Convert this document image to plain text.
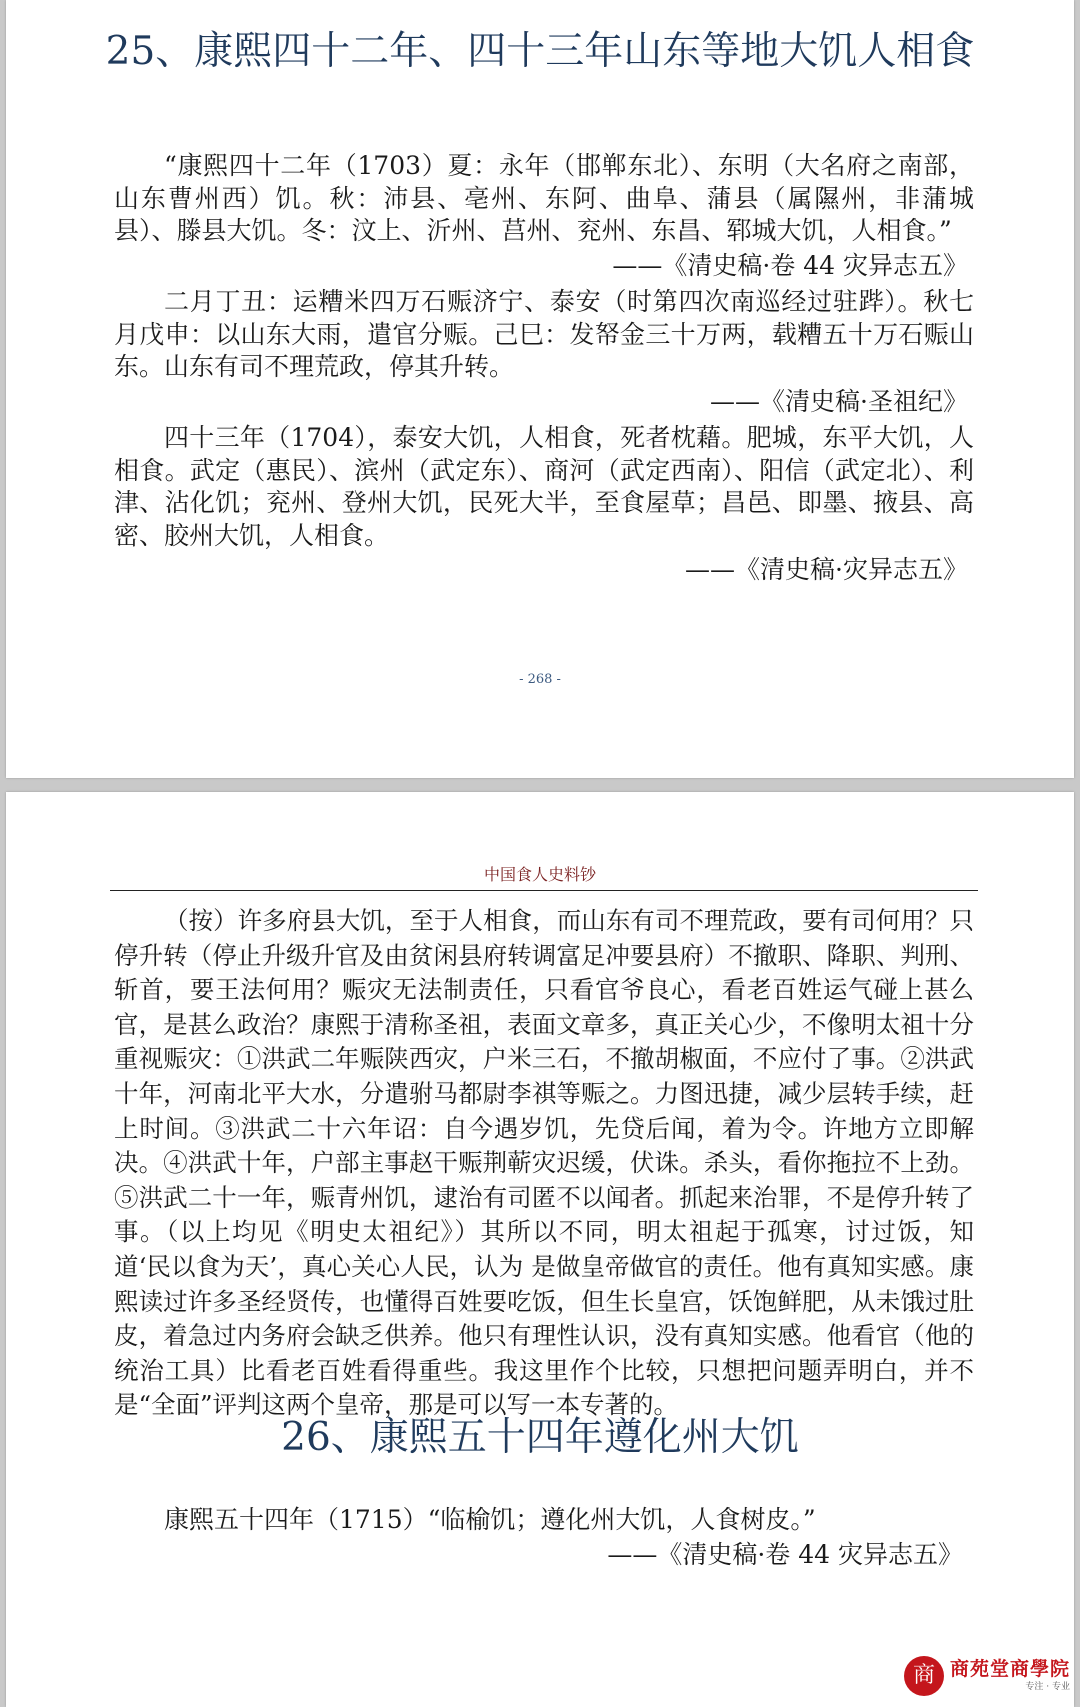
25、康熙四十二年、四十三年山东等地大饥人相食

“康熙四十二年（1703）夏：永年（邯郸东北）、东明（大名府之南部，山东曹州西）饥。秋：沛县、亳州、东阿、曲阜、蒲县（属隰州，非蒲城县）、滕县大饥。冬：汶上、沂州、莒州、兖州、东昌、郓城大饥，人相食。”

——《清史稿·卷 44 灾异志五》

二月丁丑：运糟米四万石赈济宁、泰安（时第四次南巡经过驻跸）。秋七月戊申：以山东大雨，遣官分赈。己巳：发帑金三十万两，载糟五十万石赈山东。山东有司不理荒政，停其升转。

——《清史稿·圣祖纪》

四十三年（1704），泰安大饥，人相食，死者枕藉。肥城，东平大饥，人相食。武定（惠民）、滨州（武定东）、商河（武定西南）、阳信（武定北）、利津、沾化饥；兖州、登州大饥，民死大半，至食屋草；昌邑、即墨、掖县、高密、胶州大饥，人相食。

——《清史稿·灾异志五》

- 268 -
中国食人史料钞

（按）许多府县大饥，至于人相食，而山东有司不理荒政，要有司何用？只停升转（停止升级升官及由贫闲县府转调富足冲要县府）不撤职、降职、判刑、斩首，要王法何用？赈灾无法制责任，只看官爷良心，看老百姓运气碰上甚么官，是甚么政治？康熙于清称圣祖，表面文章多，真正关心少，不像明太祖十分重视赈灾：①洪武二年赈陕西灾，户米三石，不撤胡椒面，不应付了事。②洪武十年，河南北平大水，分遣驸马都尉李祺等赈之。力图迅捷，减少层转手续，赶上时间。③洪武二十六年诏：自今遇岁饥，先贷后闻，着为令。许地方立即解决。④洪武十年，户部主事赵干赈荆蕲灾迟缓，伏诛。杀头，看你拖拉不上劲。⑤洪武二十一年，赈青州饥，逮治有司匿不以闻者。抓起来治罪，不是停升转了事。（以上均见《明史太祖纪》）其所以不同，明太祖起于孤寒，讨过饭，知道‘民以食为天’，真心关心人民，认为 是做皇帝做官的责任。他有真知实感。康熙读过许多圣经贤传，也懂得百姓要吃饭，但生长皇宫，饫饱鲜肥，从未饿过肚皮，着急过内务府会缺乏供养。他只有理性认识，没有真知实感。他看官（他的统治工具）比看老百姓看得重些。我这里作个比较，只想把问题弄明白，并不是“全面”评判这两个皇帝，那是可以写一本专著的。

26、康熙五十四年遵化州大饥

康熙五十四年（1715）“临榆饥；遵化州大饥，人食树皮。”

——《清史稿·卷 44 灾异志五》

商 商苑堂商學院
专注 · 专业
